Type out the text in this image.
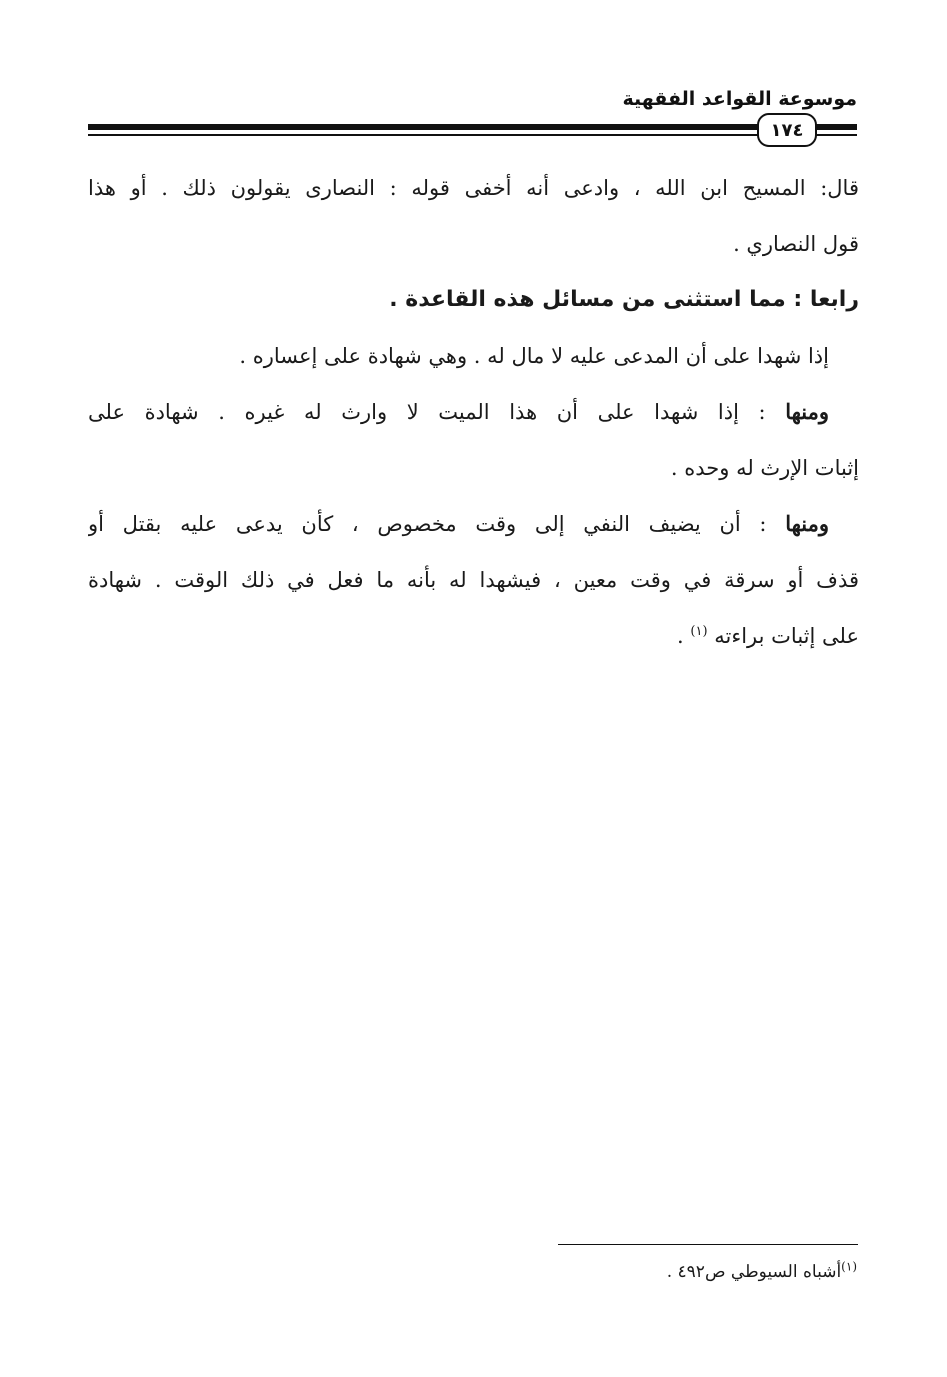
موسوعة القواعد الفقهية
١٧٤
قال: المسيح ابن الله ، وادعى أنه أخفى قوله : النصارى يقولون ذلك . أو هذا
قول النصاري .
رابعا : مما استثنى من مسائل هذه القاعدة .
إذا شهدا على أن المدعى عليه لا مال له . وهي شهادة على إعساره .
ومنها : إذا شهدا على أن هذا الميت لا وارث له غيره . شهادة على
إثبات الإرث له وحده .
ومنها : أن يضيف النفي إلى وقت مخصوص ، كأن يدعى عليه بقتل أو
قذف أو سرقة في وقت معين ، فيشهدا له بأنه ما فعل في ذلك الوقت . شهادة
على إثبات براءته $^{(١)}$ .
$^{(١)}$أشباه السيوطي ص٤٩٢ .
